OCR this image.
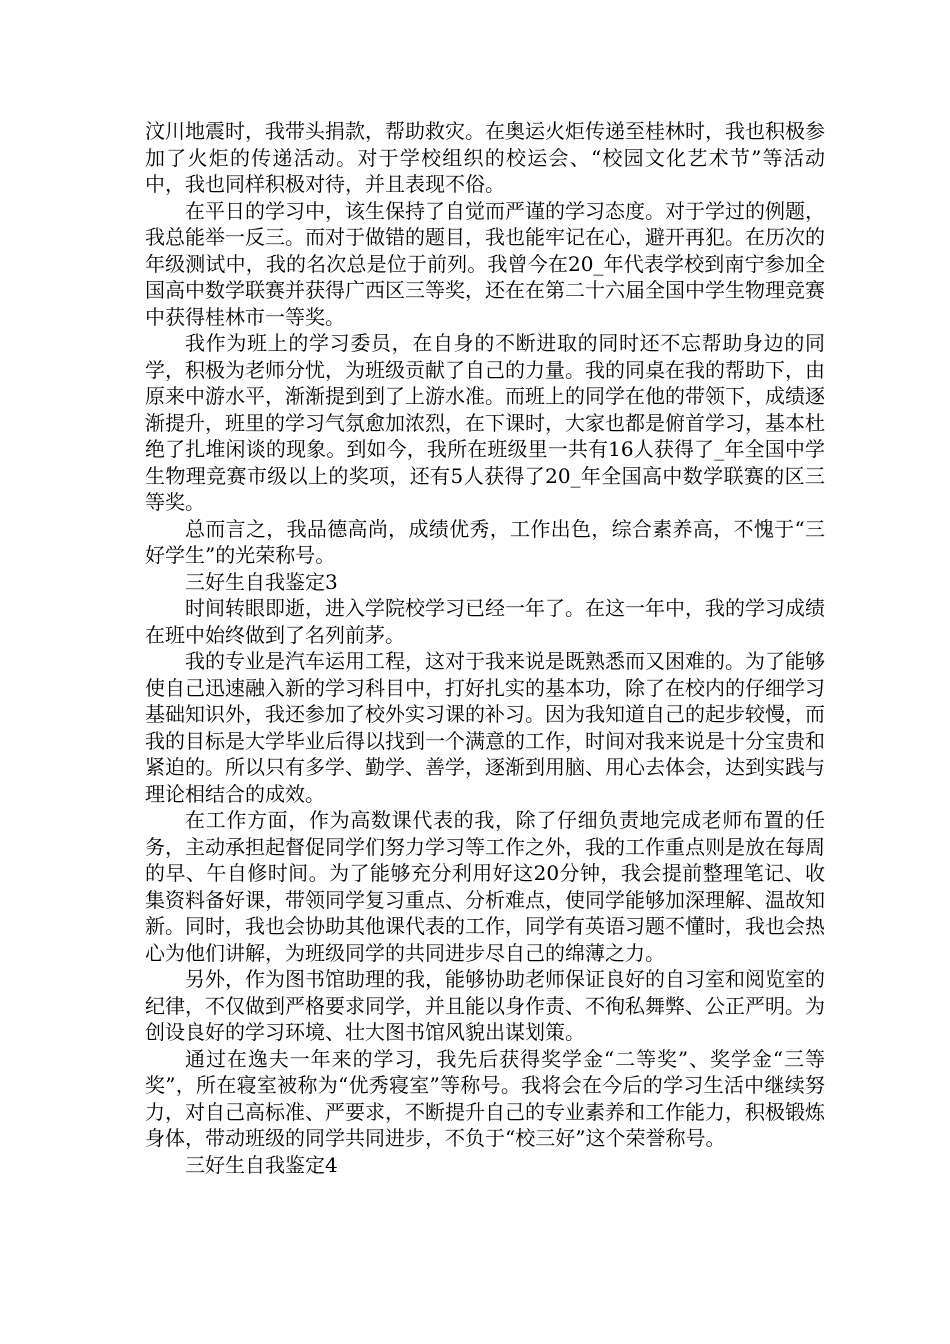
汶川地震时，我带头捐款，帮助救灾。在奥运火炬传递至桂林时，我也积极参加了火炬的传递活动。对于学校组织的校运会、“校园文化艺术节”等活动中，我也同样积极对待，并且表现不俗。

在平日的学习中，该生保持了自觉而严谨的学习态度。对于学过的例题，我总能举一反三。而对于做错的题目，我也能牢记在心，避开再犯。在历次的年级测试中，我的名次总是位于前列。我曾今在20_年代表学校到南宁参加全国高中数学联赛并获得广西区三等奖，还在在第二十六届全国中学生物理竞赛中获得桂林市一等奖。

我作为班上的学习委员，在自身的不断进取的同时还不忘帮助身边的同学，积极为老师分忧，为班级贡献了自己的力量。我的同桌在我的帮助下，由原来中游水平，渐渐提到到了上游水准。而班上的同学在他的带领下，成绩逐渐提升，班里的学习气氛愈加浓烈，在下课时，大家也都是俯首学习，基本杜绝了扎堆闲谈的现象。到如今，我所在班级里一共有16人获得了_年全国中学生物理竞赛市级以上的奖项，还有5人获得了20_年全国高中数学联赛的区三等奖。

总而言之，我品德高尚，成绩优秀，工作出色，综合素养高，不愧于“三好学生”的光荣称号。

三好生自我鉴定3

时间转眼即逝，进入学院校学习已经一年了。在这一年中，我的学习成绩在班中始终做到了名列前茅。

我的专业是汽车运用工程，这对于我来说是既熟悉而又困难的。为了能够使自己迅速融入新的学习科目中，打好扎实的基本功，除了在校内的仔细学习基础知识外，我还参加了校外实习课的补习。因为我知道自己的起步较慢，而我的目标是大学毕业后得以找到一个满意的工作，时间对我来说是十分宝贵和紧迫的。所以只有多学、勤学、善学，逐渐到用脑、用心去体会，达到实践与理论相结合的成效。

在工作方面，作为高数课代表的我，除了仔细负责地完成老师布置的任务，主动承担起督促同学们努力学习等工作之外，我的工作重点则是放在每周的早、午自修时间。为了能够充分利用好这20分钟，我会提前整理笔记、收集资料备好课，带领同学复习重点、分析难点，使同学能够加深理解、温故知新。同时，我也会协助其他课代表的工作，同学有英语习题不懂时，我也会热心为他们讲解，为班级同学的共同进步尽自己的绵薄之力。

另外，作为图书馆助理的我，能够协助老师保证良好的自习室和阅览室的纪律，不仅做到严格要求同学，并且能以身作责、不徇私舞弊、公正严明。为创设良好的学习环境、壮大图书馆风貌出谋划策。

通过在逸夫一年来的学习，我先后获得奖学金“二等奖”、奖学金“三等奖”，所在寝室被称为“优秀寝室”等称号。我将会在今后的学习生活中继续努力，对自己高标准、严要求，不断提升自己的专业素养和工作能力，积极锻炼身体，带动班级的同学共同进步，不负于“校三好”这个荣誉称号。

三好生自我鉴定4
